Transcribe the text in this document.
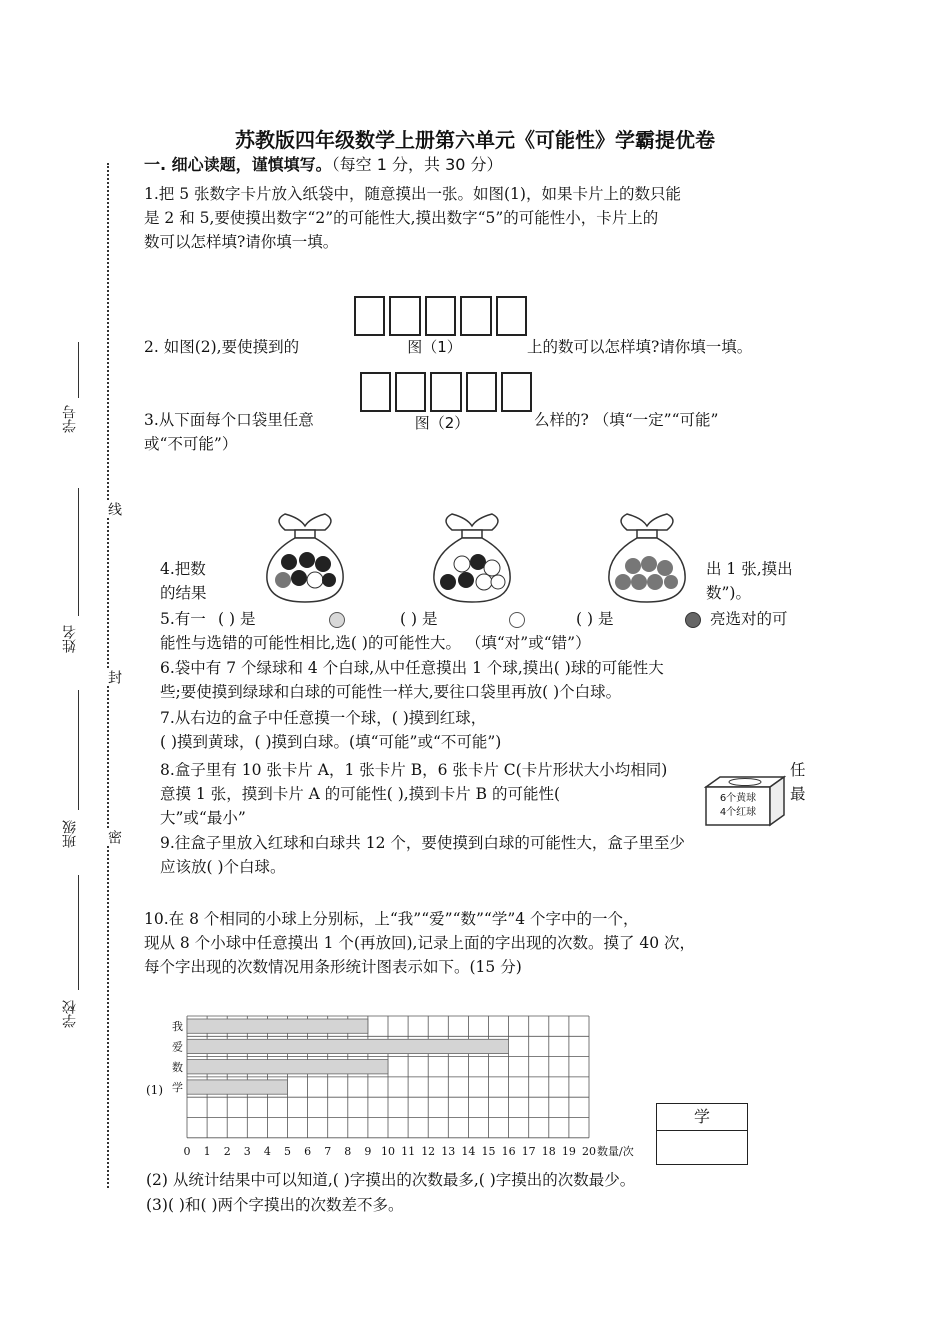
苏教版四年级数学上册第六单元《可能性》学霸提优卷
一. 细心读题，谨慎填写。（每空 1 分，共 30 分）
学号
姓名
班级
学校
线
封
密
1.把 5 张数字卡片放入纸袋中，随意摸出一张。如图(1)，如果卡片上的数只能
是 2 和 5,要使摸出数字“2”的可能性大,摸出数字“5”的可能性小，卡片上的
数可以怎样填?请你填一填。
2. 如图(2),要使摸到的	上的数可以怎样填?请你填一填。
图（1）
3.从下面每个口袋里任意	么样的? （填“一定”“可能”
或“不可能”）
图（2）
4.把数	出 1 张,摸出
的结果	数”)。
5.有一 ( ) 是	( ) 是	( ) 是	亮选对的可
能性与选错的可能性相比,选( )的可能性大。 （填“对”或“错”）
6.袋中有 7 个绿球和 4 个白球,从中任意摸出 1 个球,摸出( )球的可能性大
些;要使摸到绿球和白球的可能性一样大,要往口袋里再放( )个白球。
7.从右边的盒子中任意摸一个球，( )摸到红球，
( )摸到黄球，( )摸到白球。(填“可能”或“不可能”)
8.盒子里有 10 张卡片 A，1 张卡片 B，6 张卡片 C(卡片形状大小均相同)	任
意摸 1 张，摸到卡片 A 的可能性( ),摸到卡片 B 的可能性(	最
大”或“最小”
6个黄球
4个红球
9.往盒子里放入红球和白球共 12 个，要使摸到白球的可能性大，盒子里至少
应该放( )个白球。
10.在 8 个相同的小球上分别标，上“我”“爱”“数”“学”4 个字中的一个，
现从 8 个小球中任意摸出 1 个(再放回),记录上面的字出现的次数。摸了 40 次，
每个字出现的次数情况用条形统计图表示如下。(15 分)
(1)
我
爱
数
学
0 1 2 3 4 5 6 7 8 9 10 11 12 13 14 15 16 17 18 19 20 数量/次
学
(2) 从统计结果中可以知道,( )字摸出的次数最多,( )字摸出的次数最少。
(3)( )和( )两个字摸出的次数差不多。
